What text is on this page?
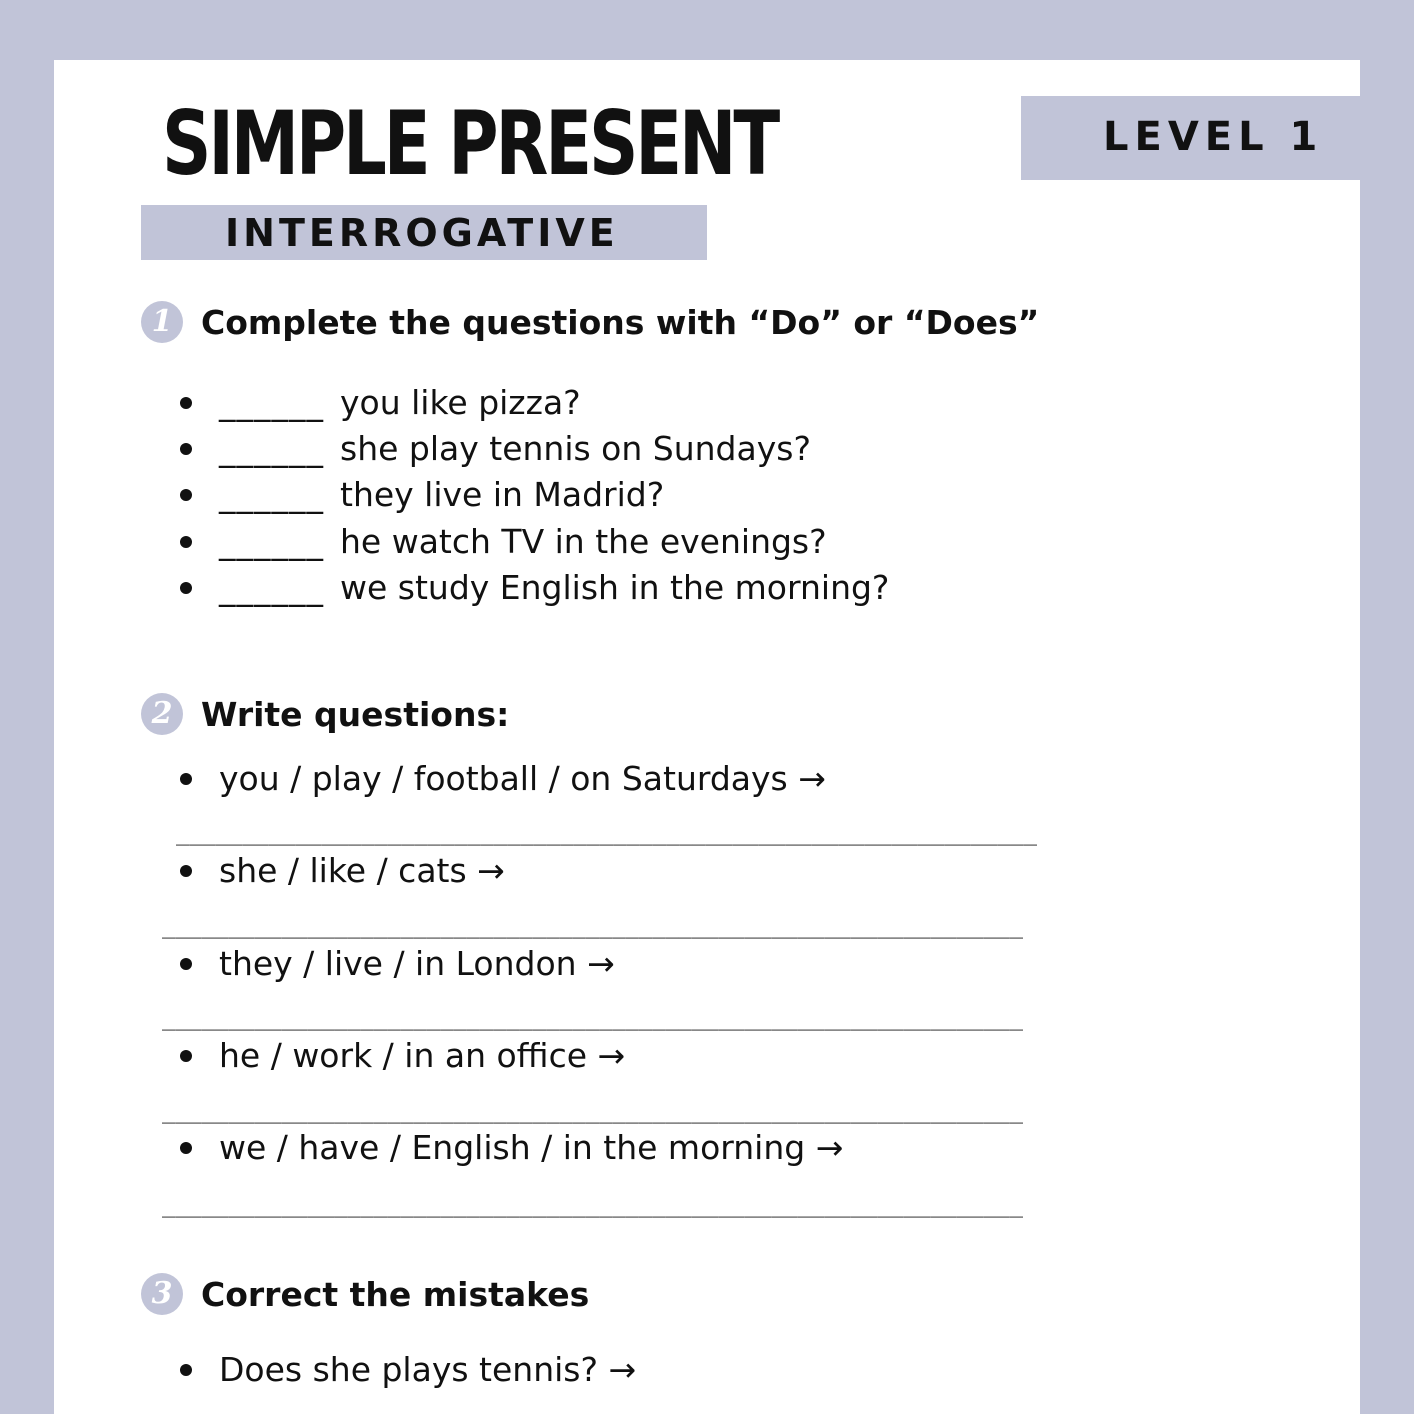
SIMPLE PRESENT
INTERROGATIVE
LEVEL 1
1 Complete the questions with “Do” or “Does”
______ you like pizza?
______ she play tennis on Sundays?
______ they live in Madrid?
______ he watch TV in the evenings?
______ we study English in the morning?
2 Write questions:
you / play / football / on Saturdays →
_________________________________________________________________
she / like / cats →
_________________________________________________________________
they / live / in London →
_________________________________________________________________
he / work / in an office →
_________________________________________________________________
we / have / English / in the morning →
_________________________________________________________________
3 Correct the mistakes
Does she plays tennis? →
